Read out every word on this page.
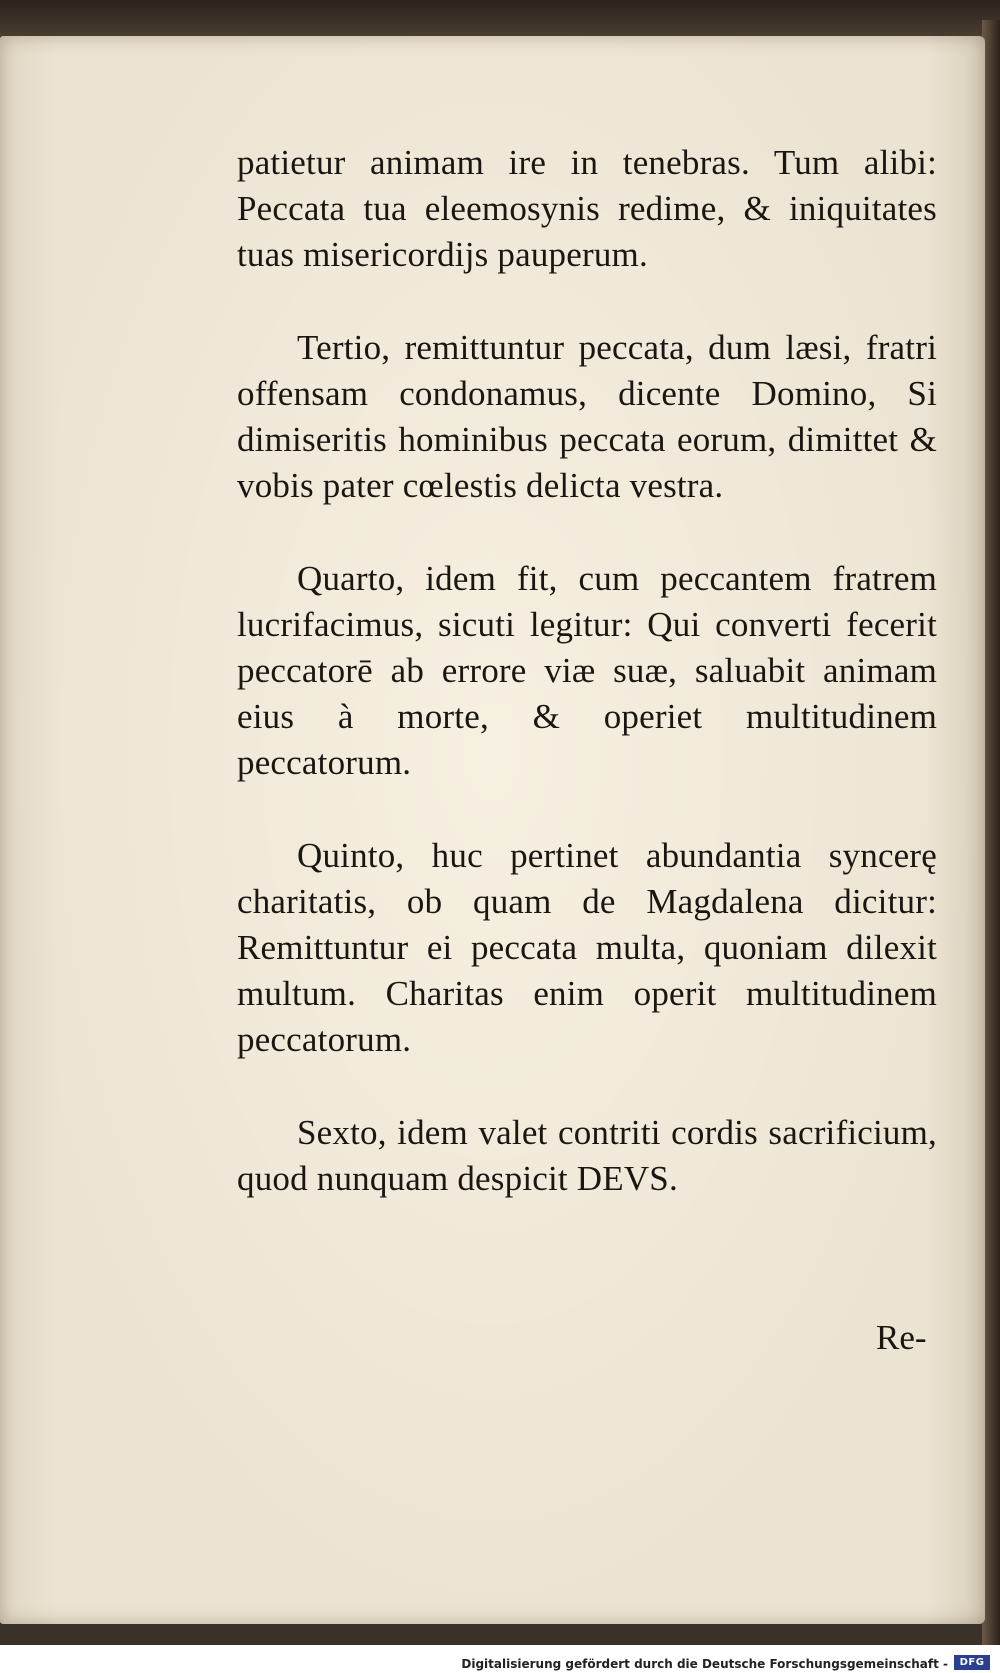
patietur animam ire in tenebras. Tum alibi: Peccata tua eleemosynis redime, & iniquitates tuas misericordijs pauperum.

Tertio, remittuntur peccata, dum læsi, fratri offensam condonamus, dicente Domino, Si dimiseritis hominibus peccata eorum, dimittet & vobis pater cœlestis delicta vestra.

Quarto, idem fit, cum peccantem fratrem lucrifacimus, sicuti legitur: Qui converti fecerit peccatorē ab errore viæ suæ, saluabit animam eius à morte, & operiet multitudinem peccatorum.

Quinto, huc pertinet abundantia syncerę charitatis, ob quam de Magdalena dicitur: Remittuntur ei peccata multa, quoniam dilexit multum. Charitas enim operit multitudinem peccatorum.

Sexto, idem valet contriti cordis sacrificium, quod nunquam despicit DEVS.

Re-
Digitalisierung gefördert durch die Deutsche Forschungsgemeinschaft -	DFG
